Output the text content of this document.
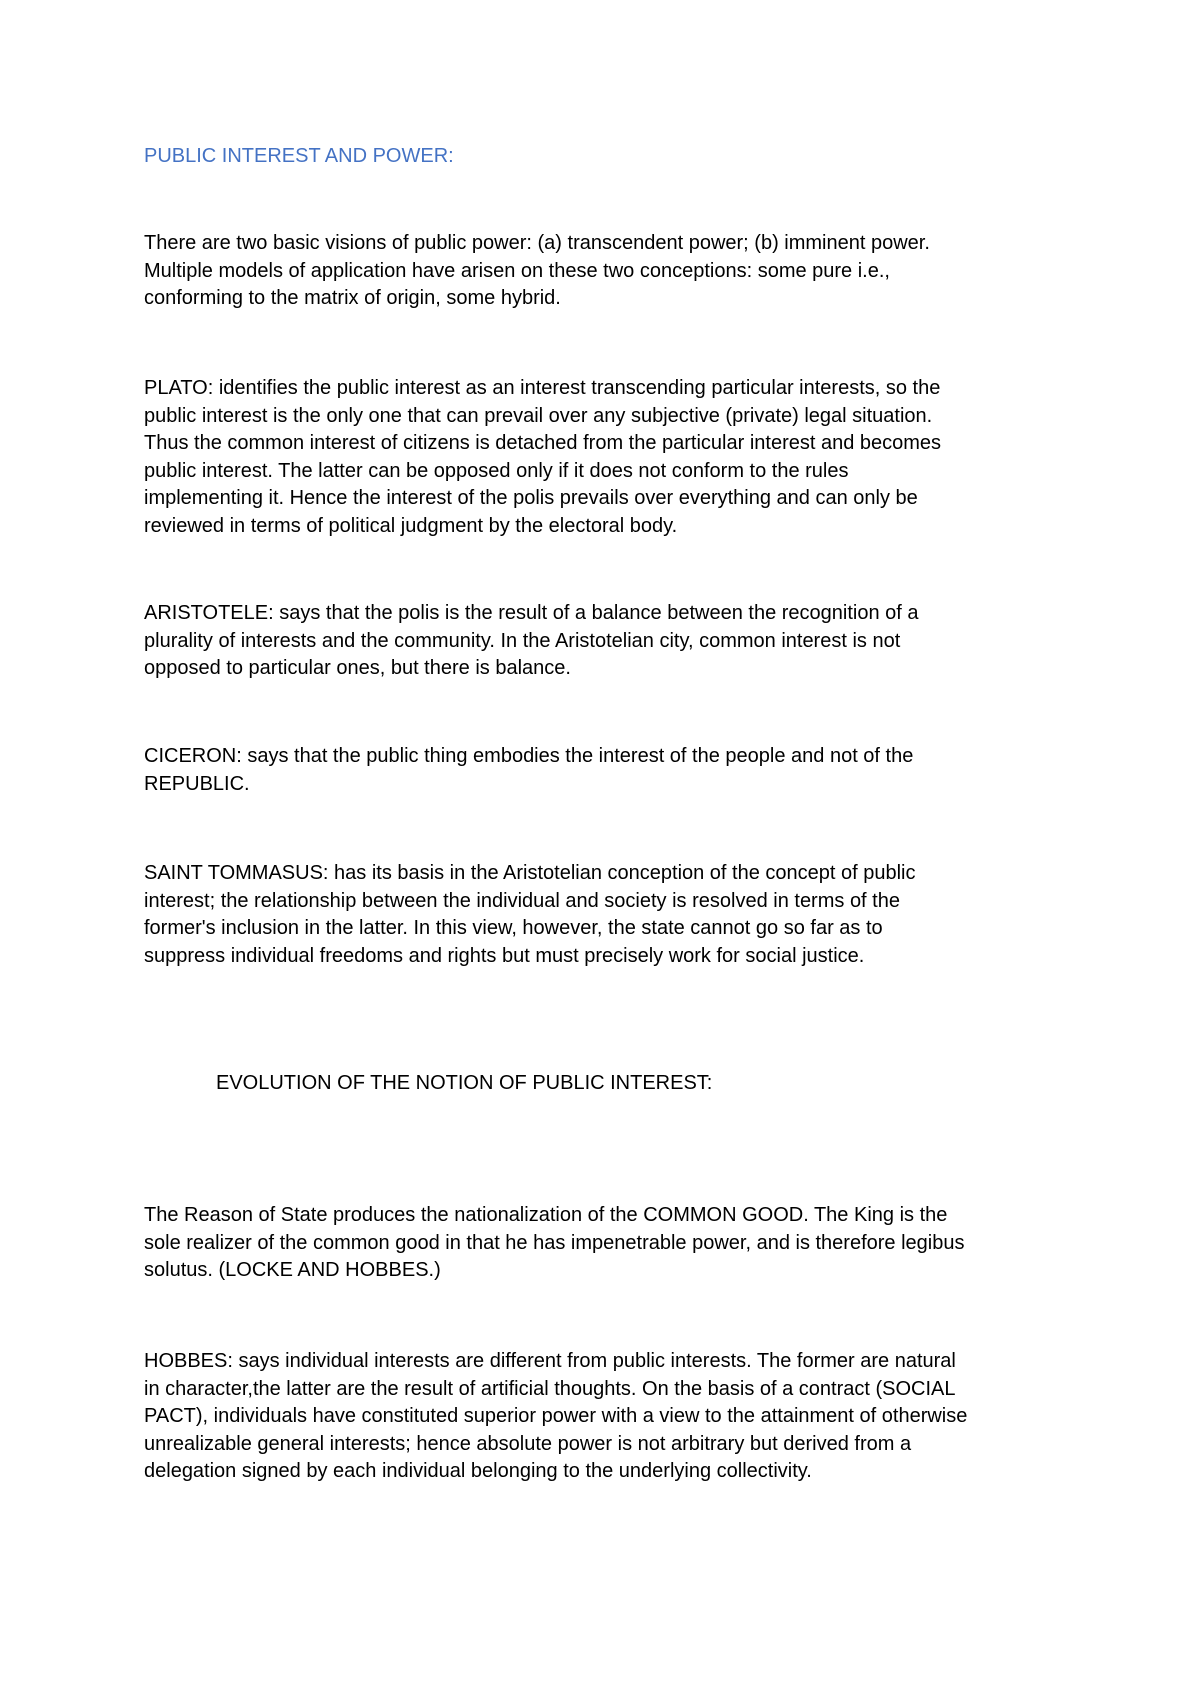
PUBLIC INTEREST AND POWER:

There are two basic visions of public power: (a) transcendent power; (b) imminent power.
Multiple models of application have arisen on these two conceptions: some pure i.e.,
conforming to the matrix of origin, some hybrid.

PLATO: identifies the public interest as an interest transcending particular interests, so the
public interest is the only one that can prevail over any subjective (private) legal situation.
Thus the common interest of citizens is detached from the particular interest and becomes
public interest. The latter can be opposed only if it does not conform to the rules
implementing it. Hence the interest of the polis prevails over everything and can only be
reviewed in terms of political judgment by the electoral body.

ARISTOTELE: says that the polis is the result of a balance between the recognition of a
plurality of interests and the community. In the Aristotelian city, common interest is not
opposed to particular ones, but there is balance.

CICERON: says that the public thing embodies the interest of the people and not of the
REPUBLIC.

SAINT TOMMASUS: has its basis in the Aristotelian conception of the concept of public
interest; the relationship between the individual and society is resolved in terms of the
former's inclusion in the latter. In this view, however, the state cannot go so far as to
suppress individual freedoms and rights but must precisely work for social justice.

EVOLUTION OF THE NOTION OF PUBLIC INTEREST:

The Reason of State produces the nationalization of the COMMON GOOD. The King is the
sole realizer of the common good in that he has impenetrable power, and is therefore legibus
solutus. (LOCKE AND HOBBES.)

HOBBES: says individual interests are different from public interests. The former are natural
in character,the latter are the result of artificial thoughts. On the basis of a contract (SOCIAL
PACT), individuals have constituted superior power with a view to the attainment of otherwise
unrealizable general interests; hence absolute power is not arbitrary but derived from a
delegation signed by each individual belonging to the underlying collectivity.
